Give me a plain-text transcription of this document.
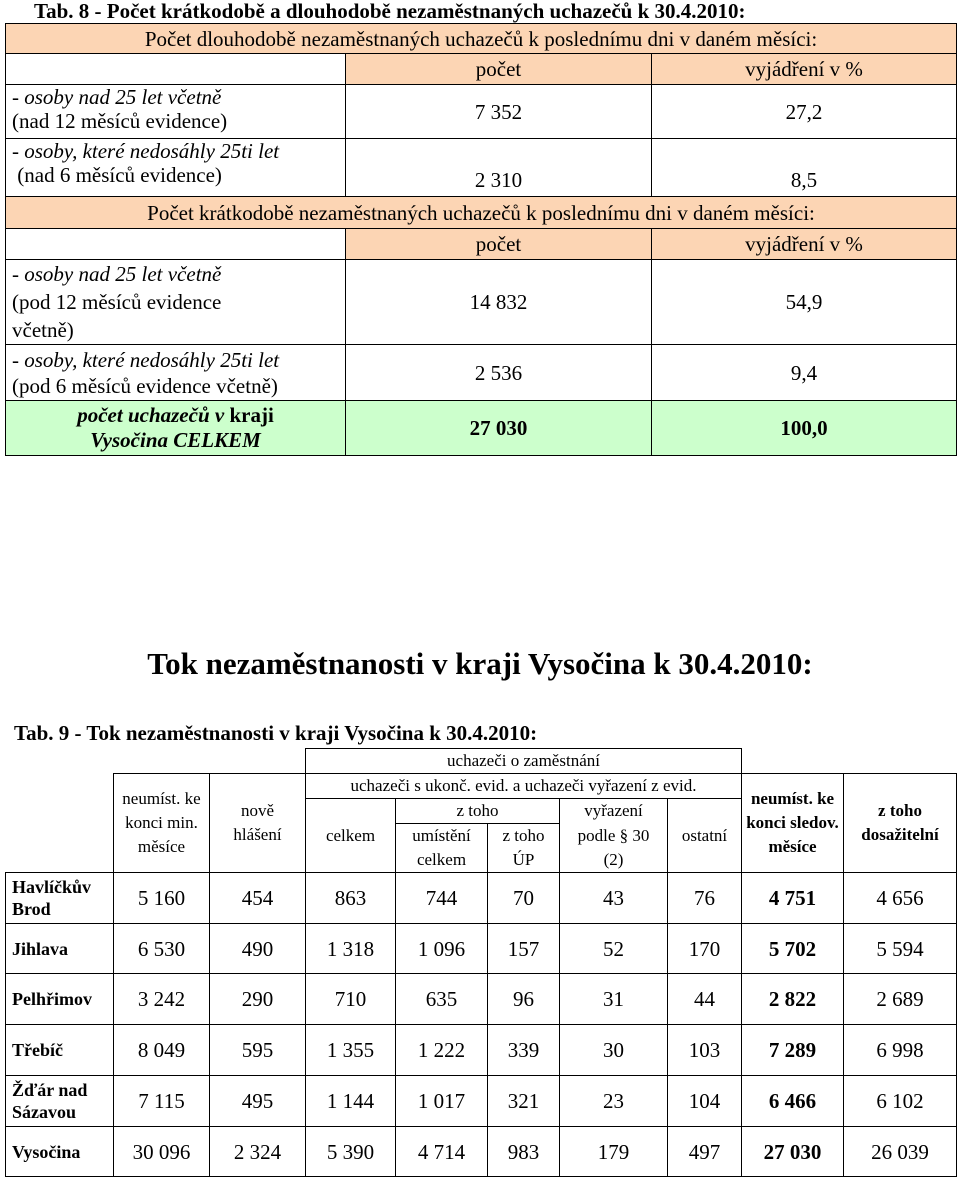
Tab. 8 - Počet krátkodobě a dlouhodobě nezaměstnaných uchazečů k 30.4.2010:
Počet dlouhodobě nezaměstnaných uchazečů k poslednímu dni v daném měsíci:		
	počet	vyjádření v %

- osoby nad 25 let včetně
(nad 12 měsíců evidence)	7 352	27,2

- osoby, které nedosáhly 25ti let
(nad 6 měsíců evidence)	2 310	8,5
Počet krátkodobě nezaměstnaných uchazečů k poslednímu dni v daném měsíci:		
	počet	vyjádření v %

- osoby nad 25 let včetně
(pod 12 měsíců evidence
včetně)	14 832	54,9

- osoby, které nedosáhly 25ti let
(pod 6 měsíců evidence včetně)	2 536	9,4

počet uchazečů v kraji
Vysočina CELKEM	27 030	100,0
Tok nezaměstnanosti v kraji Vysočina k 30.4.2010:
Tab. 9 - Tok nezaměstnanosti v kraji Vysočina k 30.4.2010:
			uchazeči o zaměstnání						
	neumíst. ke konci min. měsíce	nově hlášení	uchazeči s ukonč. evid. a uchazeči vyřazení z evid.					neumíst. ke konci sledov. měsíce	z toho dosažitelní
			celkem	z toho		vyřazení	ostatní		
				umístění celkem	z toho ÚP	podle § 30 (2)			

Havlíčkův Brod	5 160	454	863	744	70	43	76	4 751	4 656
Jihlava	6 530	490	1 318	1 096	157	52	170	5 702	5 594
Pelhřimov	3 242	290	710	635	96	31	44	2 822	2 689
Třebíč	8 049	595	1 355	1 222	339	30	103	7 289	6 998
Žďár nad Sázavou	7 115	495	1 144	1 017	321	23	104	6 466	6 102
Vysočina	30 096	2 324	5 390	4 714	983	179	497	27 030	26 039
